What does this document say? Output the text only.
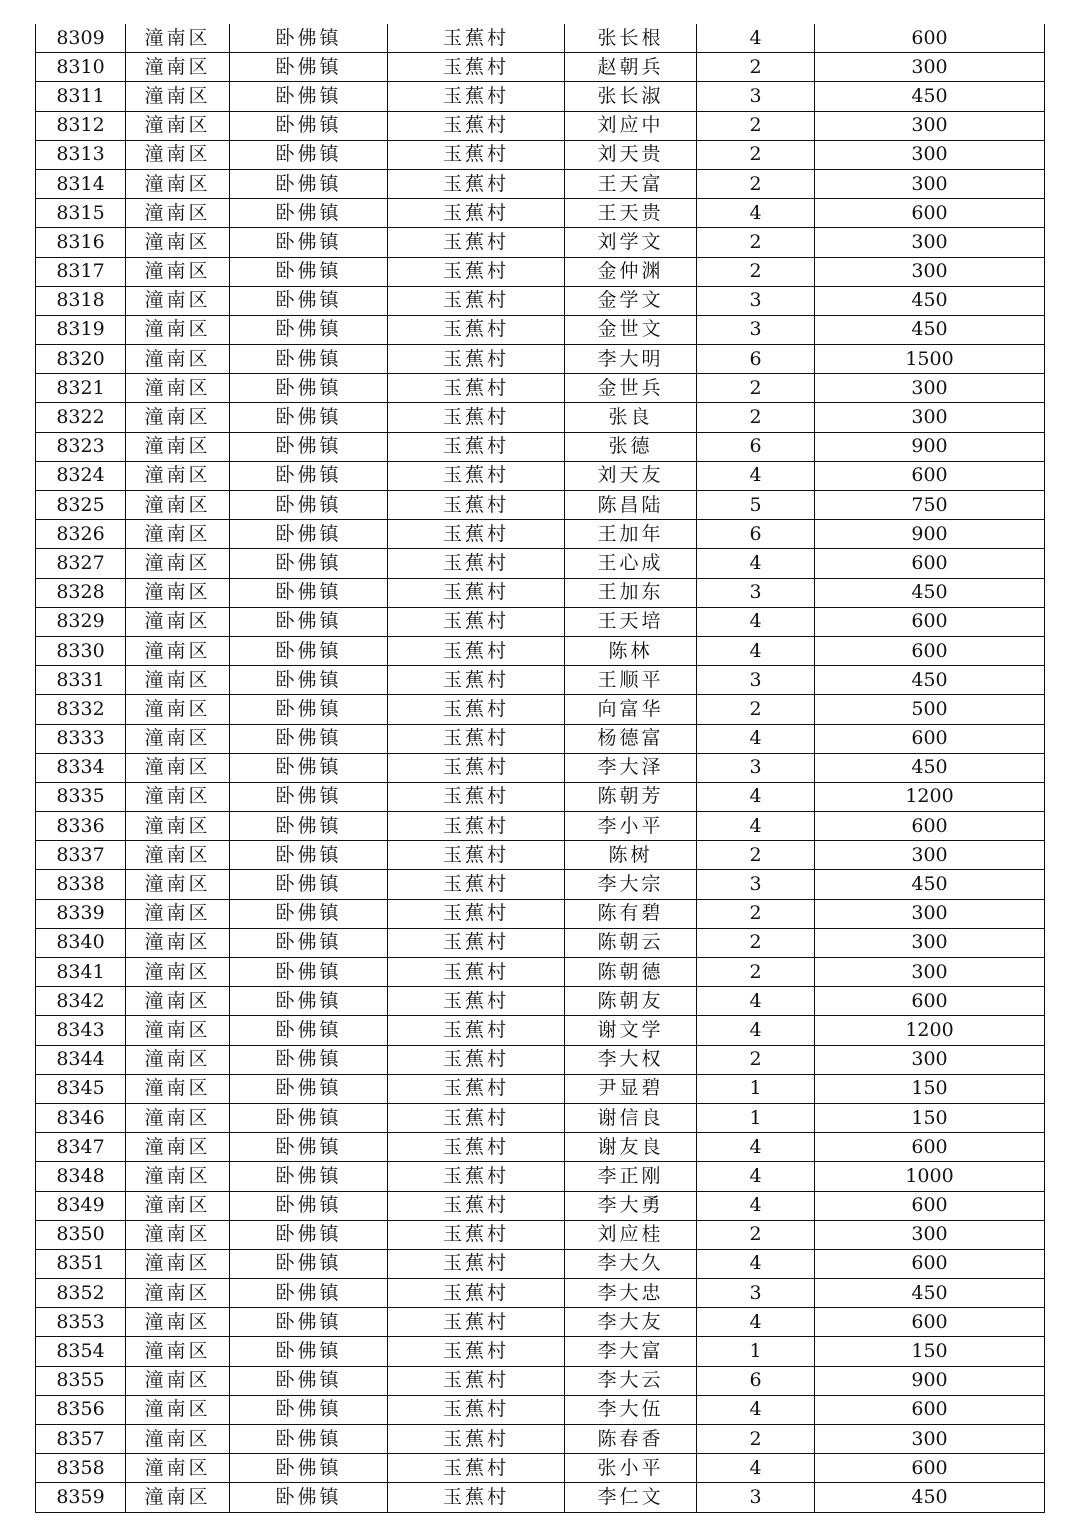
8309	潼南区	卧佛镇	玉蕉村	张长根	4	600
8310	潼南区	卧佛镇	玉蕉村	赵朝兵	2	300
8311	潼南区	卧佛镇	玉蕉村	张长淑	3	450
8312	潼南区	卧佛镇	玉蕉村	刘应中	2	300
8313	潼南区	卧佛镇	玉蕉村	刘天贵	2	300
8314	潼南区	卧佛镇	玉蕉村	王天富	2	300
8315	潼南区	卧佛镇	玉蕉村	王天贵	4	600
8316	潼南区	卧佛镇	玉蕉村	刘学文	2	300
8317	潼南区	卧佛镇	玉蕉村	金仲渊	2	300
8318	潼南区	卧佛镇	玉蕉村	金学文	3	450
8319	潼南区	卧佛镇	玉蕉村	金世文	3	450
8320	潼南区	卧佛镇	玉蕉村	李大明	6	1500
8321	潼南区	卧佛镇	玉蕉村	金世兵	2	300
8322	潼南区	卧佛镇	玉蕉村	张良	2	300
8323	潼南区	卧佛镇	玉蕉村	张德	6	900
8324	潼南区	卧佛镇	玉蕉村	刘天友	4	600
8325	潼南区	卧佛镇	玉蕉村	陈昌陆	5	750
8326	潼南区	卧佛镇	玉蕉村	王加年	6	900
8327	潼南区	卧佛镇	玉蕉村	王心成	4	600
8328	潼南区	卧佛镇	玉蕉村	王加东	3	450
8329	潼南区	卧佛镇	玉蕉村	王天培	4	600
8330	潼南区	卧佛镇	玉蕉村	陈林	4	600
8331	潼南区	卧佛镇	玉蕉村	王顺平	3	450
8332	潼南区	卧佛镇	玉蕉村	向富华	2	500
8333	潼南区	卧佛镇	玉蕉村	杨德富	4	600
8334	潼南区	卧佛镇	玉蕉村	李大泽	3	450
8335	潼南区	卧佛镇	玉蕉村	陈朝芳	4	1200
8336	潼南区	卧佛镇	玉蕉村	李小平	4	600
8337	潼南区	卧佛镇	玉蕉村	陈树	2	300
8338	潼南区	卧佛镇	玉蕉村	李大宗	3	450
8339	潼南区	卧佛镇	玉蕉村	陈有碧	2	300
8340	潼南区	卧佛镇	玉蕉村	陈朝云	2	300
8341	潼南区	卧佛镇	玉蕉村	陈朝德	2	300
8342	潼南区	卧佛镇	玉蕉村	陈朝友	4	600
8343	潼南区	卧佛镇	玉蕉村	谢文学	4	1200
8344	潼南区	卧佛镇	玉蕉村	李大权	2	300
8345	潼南区	卧佛镇	玉蕉村	尹显碧	1	150
8346	潼南区	卧佛镇	玉蕉村	谢信良	1	150
8347	潼南区	卧佛镇	玉蕉村	谢友良	4	600
8348	潼南区	卧佛镇	玉蕉村	李正刚	4	1000
8349	潼南区	卧佛镇	玉蕉村	李大勇	4	600
8350	潼南区	卧佛镇	玉蕉村	刘应桂	2	300
8351	潼南区	卧佛镇	玉蕉村	李大久	4	600
8352	潼南区	卧佛镇	玉蕉村	李大忠	3	450
8353	潼南区	卧佛镇	玉蕉村	李大友	4	600
8354	潼南区	卧佛镇	玉蕉村	李大富	1	150
8355	潼南区	卧佛镇	玉蕉村	李大云	6	900
8356	潼南区	卧佛镇	玉蕉村	李大伍	4	600
8357	潼南区	卧佛镇	玉蕉村	陈春香	2	300
8358	潼南区	卧佛镇	玉蕉村	张小平	4	600
8359	潼南区	卧佛镇	玉蕉村	李仁文	3	450
